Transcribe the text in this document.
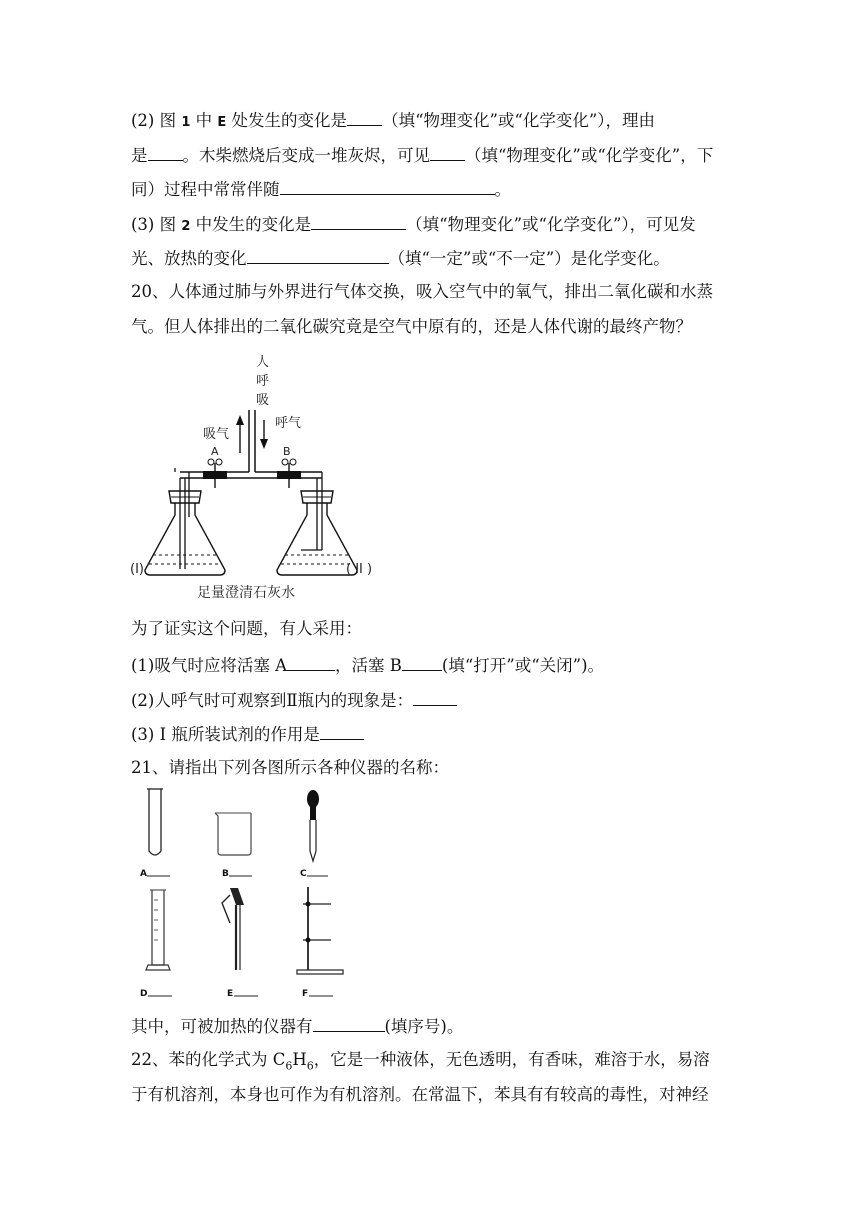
(2) 图 1 中 E 处发生的变化是 （填“物理变化”或“化学变化”），理由
是 。木柴燃烧后变成一堆灰烬，可见 （填“物理变化”或“化学变化”，下
同）过程中常常伴随	。
(3) 图 2 中发生的变化是	（填“物理变化”或“化学变化”），可见发
光、放热的变化	（填“一定”或“不一定”）是化学变化。
20、人体通过肺与外界进行气体交换，吸入空气中的氧气，排出二氧化碳和水蒸
气。但人体排出的二氧化碳究竟是空气中原有的，还是人体代谢的最终产物？
人
呼
吸
吸气
呼气
A	B
(I)	( II )
足量澄清石灰水
为了证实这个问题，有人采用：
(1)吸气时应将活塞 A	，活塞 B (填“打开”或“关闭”)。
(2)人呼气时可观察到Ⅱ瓶内的现象是：
(3) I 瓶所装试剂的作用是
21、请指出下列各图所示各种仪器的名称：
A	B	C
D	E	F
其中，可被加热的仪器有	(填序号)。
22、苯的化学式为 $C_6H_6$，它是一种液体，无色透明，有香味，难溶于水，易溶
于有机溶剂，本身也可作为有机溶剂。在常温下，苯具有有较高的毒性，对神经
